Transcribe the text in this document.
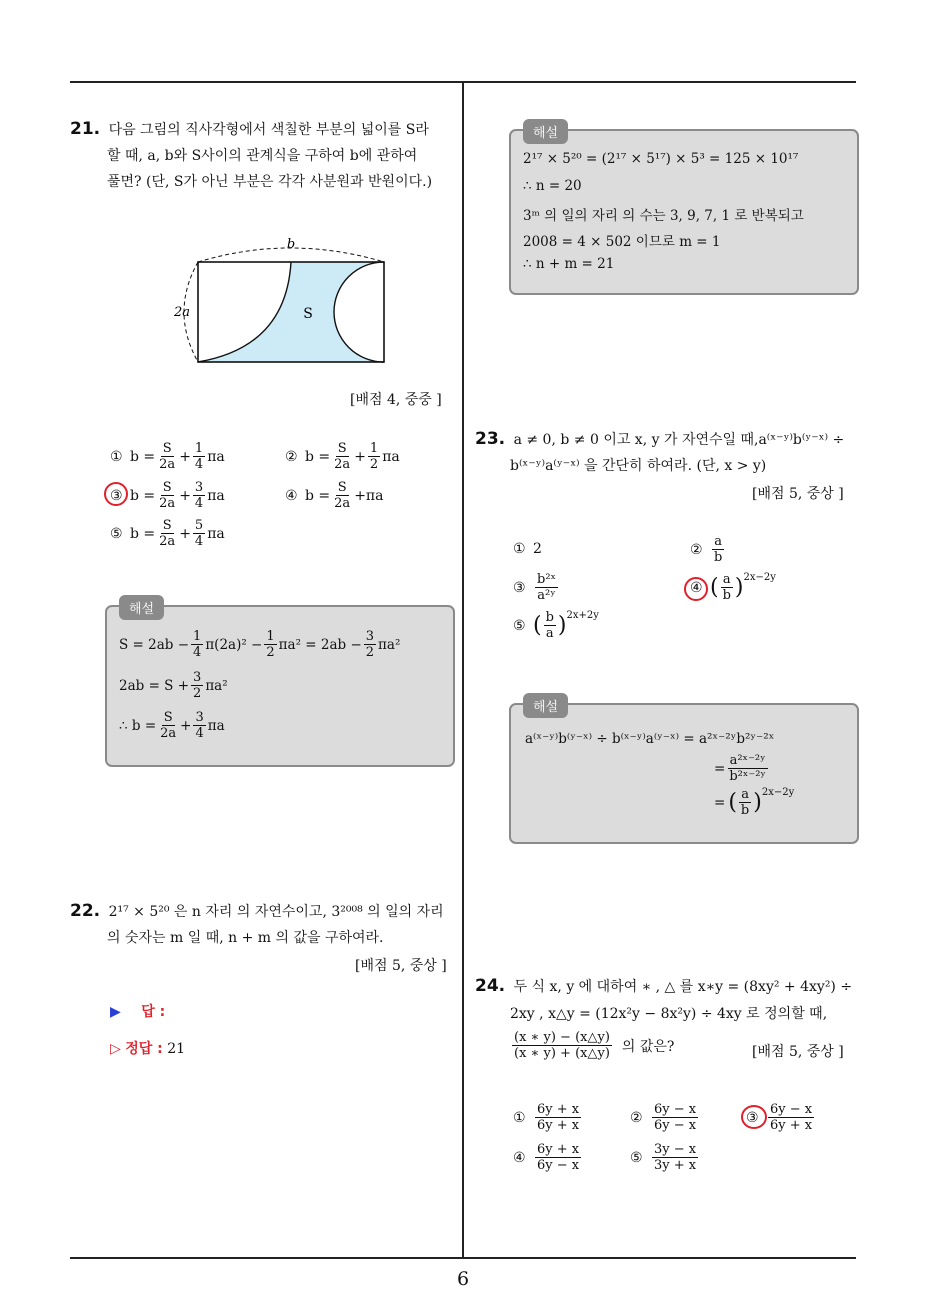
21. 다음 그림의 직사각형에서 색칠한 부분의 넓이를 S라
할 때, a, b와 S사이의 관계식을 구하여 b에 관하여
풀면? (단, S가 아닌 부분은 각각 사분원과 반원이다.)
b
2a	S
[배점 4, 중중 ]
① $b = \frac{S}{2a} + \frac{1}{4}$ πa	② $b = \frac{S}{2a} + \frac{1}{2}$ πa
③ $b = \frac{S}{2a} + \frac{3}{4}$ πa	④ $b = \frac{S}{2a} + \pi a$
⑤ $b = \frac{S}{2a} + \frac{5}{4}$ πa
해설
$S = 2ab - \frac{1}{4} \pi(2a)^2 - \frac{1}{2} \pi a^2 = 2ab - \frac{3}{2} \pi a^2$
$2ab = S + \frac{3}{2} \pi a^2$
∴ $b = \frac{S}{2a} + \frac{3}{4}$ πa
22. 2¹⁷ × 5²⁰ 은 n 자리 의 자연수이고, 3²⁰⁰⁸ 의 일의 자리
의 숫자는 m 일 때, n + m 의 값을 구하여라.
[배점 5, 중상 ]
▶ 답 :
▷ 정답 : 21
해설
2¹⁷ × 5²⁰ = (2¹⁷ × 5¹⁷) × 5³ = 125 × 10¹⁷
∴ n = 20
3ᵐ 의 일의 자리 의 수는 3, 9, 7, 1 로 반복되고
2008 = 4 × 502 이므로 m = 1
∴ n + m = 21
23. a ≠ 0, b ≠ 0 이고 x, y 가 자연수일 때,a⁽ˣ⁻ʸ⁾b⁽ʸ⁻ˣ⁾ ÷
b⁽ˣ⁻ʸ⁾a⁽ʸ⁻ˣ⁾ 을 간단히 하여라. (단, x > y)
[배점 5, 중상 ]
① 2	② $\frac{a}{b}$
③ $\frac{\text{b²ˣ}}{\text{a²ʸ}}$	④ ( $\frac{a}{b}$ ) 2x−2y
⑤ ( $\frac{b}{a}$ ) 2x+2y
해설
a⁽ˣ⁻ʸ⁾b⁽ʸ⁻ˣ⁾ ÷ b⁽ˣ⁻ʸ⁾a⁽ʸ⁻ˣ⁾ = a²ˣ⁻²ʸb²ʸ⁻²ˣ
= $\frac{\text{a²ˣ⁻²ʸ}}{\text{b²ˣ⁻²ʸ}}$
= ( $\frac{a}{b}$ ) 2x−2y
24. 두 식 x, y 에 대하여 ∗ , △ 를 x∗y = (8xy² + 4xy²) ÷
2xy , x△y = (12x²y − 8x²y) ÷ 4xy 로 정의할 때,
$\frac{(x ∗ y) - (x\triangle y)}{(x ∗ y) + (x\triangle y)}$ 의 값은?	[배점 5, 중상 ]
① $\frac{6y + x}{6y + x}$	② $\frac{6y - x}{6y - x}$	③ $\frac{6y - x}{6y + x}$
④ $\frac{6y + x}{6y - x}$	⑤ $\frac{3y - x}{3y + x}$
6
